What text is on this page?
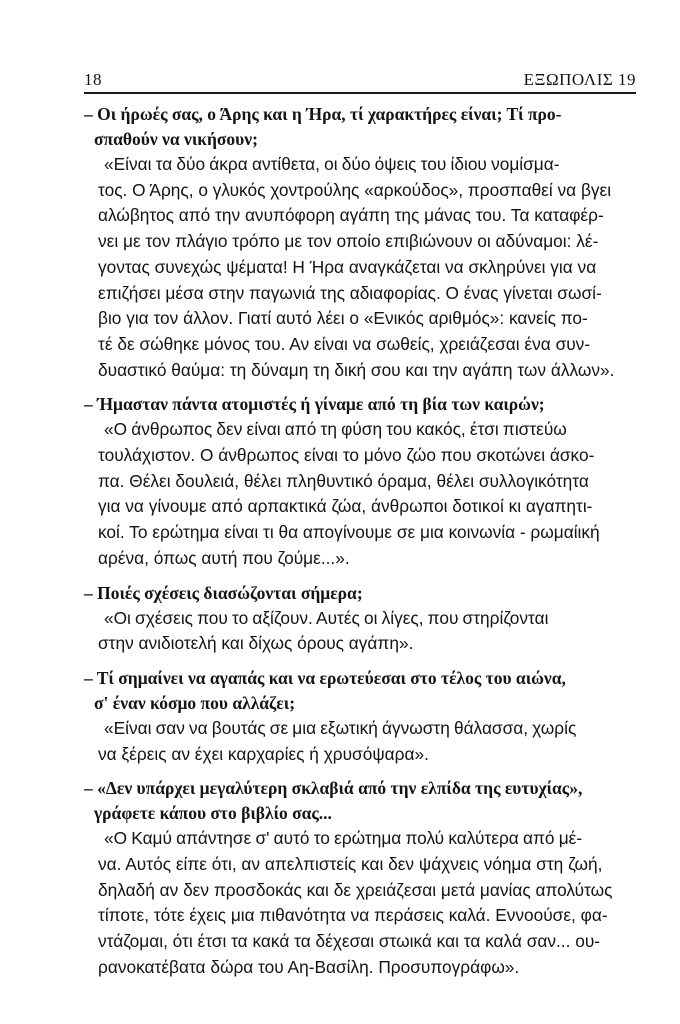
18	ΕΞΩΠΟΛΙΣ 19
– Οι ήρωές σας, ο Άρης και η Ήρα, τί χαρακτήρες είναι; Τί προ-
σπαθούν να νικήσουν;
«Είναι τα δύο άκρα αντίθετα, οι δύο όψεις του ίδιου νομίσμα-
τος. Ο Άρης, ο γλυκός χοντρούλης «αρκούδος», προσπαθεί να βγει
αλώβητος από την ανυπόφορη αγάπη της μάνας του. Τα καταφέρ-
νει με τον πλάγιο τρόπο με τον οποίο επιβιώνουν οι αδύναμοι: λέ-
γοντας συνεχώς ψέματα! Η Ήρα αναγκάζεται να σκληρύνει για να
επιζήσει μέσα στην παγωνιά της αδιαφορίας. Ο ένας γίνεται σωσί-
βιο για τον άλλον. Γιατί αυτό λέει ο «Ενικός αριθμός»: κανείς πο-
τέ δε σώθηκε μόνος του. Αν είναι να σωθείς, χρειάζεσαι ένα συν-
δυαστικό θαύμα: τη δύναμη τη δική σου και την αγάπη των άλλων».
– Ήμασταν πάντα ατομιστές ή γίναμε από τη βία των καιρών;
«Ο άνθρωπος δεν είναι από τη φύση του κακός, έτσι πιστεύω
τουλάχιστον. Ο άνθρωπος είναι το μόνο ζώο που σκοτώνει άσκο-
πα. Θέλει δουλειά, θέλει πληθυντικό όραμα, θέλει συλλογικότητα
για να γίνουμε από αρπακτικά ζώα, άνθρωποι δοτικοί κι αγαπητι-
κοί. Το ερώτημα είναι τι θα απογίνουμε σε μια κοινωνία - ρωμαίική
αρένα, όπως αυτή που ζούμε...».
– Ποιές σχέσεις διασώζονται σήμερα;
«Οι σχέσεις που το αξίζουν. Αυτές οι λίγες, που στηρίζονται
στην ανιδιοτελή και δίχως όρους αγάπη».
– Τί σημαίνει να αγαπάς και να ερωτεύεσαι στο τέλος του αιώνα,
σ' έναν κόσμο που αλλάζει;
«Είναι σαν να βουτάς σε μια εξωτική άγνωστη θάλασσα, χωρίς
να ξέρεις αν έχει καρχαρίες ή χρυσόψαρα».
– «Δεν υπάρχει μεγαλύτερη σκλαβιά από την ελπίδα της ευτυχίας»,
γράφετε κάπου στο βιβλίο σας...
«Ο Καμύ απάντησε σ' αυτό το ερώτημα πολύ καλύτερα από μέ-
να. Αυτός είπε ότι, αν απελπιστείς και δεν ψάχνεις νόημα στη ζωή,
δηλαδή αν δεν προσδοκάς και δε χρειάζεσαι μετά μανίας απολύτως
τίποτε, τότε έχεις μια πιθανότητα να περάσεις καλά. Εννοούσε, φα-
ντάζομαι, ότι έτσι τα κακά τα δέχεσαι στωικά και τα καλά σαν... ου-
ρανοκατέβατα δώρα του Αη-Βασίλη. Προσυπογράφω».
